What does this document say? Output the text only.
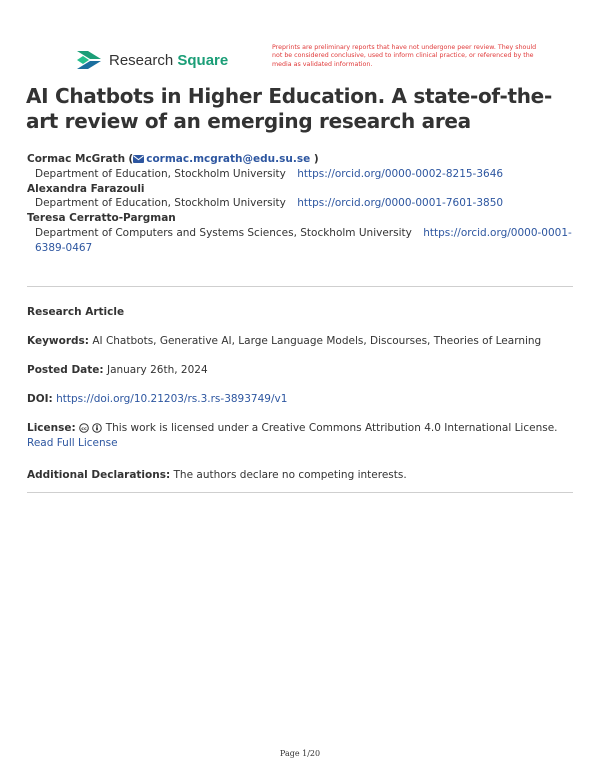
Research Square

Preprints are preliminary reports that have not undergone peer review. They should not be considered conclusive, used to inform clinical practice, or referenced by the media as validated information.

AI Chatbots in Higher Education. A state-of-the-art review of an emerging research area
Cormac McGrath ( cormac.mcgrath@edu.su.se )
Department of Education, Stockholm University https://orcid.org/0000-0002-8215-3646
Alexandra Farazouli
Department of Education, Stockholm University https://orcid.org/0000-0001-7601-3850
Teresa Cerratto-Pargman
Department of Computers and Systems Sciences, Stockholm University https://orcid.org/0000-0001-6389-0467
Research Article
Keywords: AI Chatbots, Generative AI, Large Language Models, Discourses, Theories of Learning
Posted Date: January 26th, 2024
DOI: https://doi.org/10.21203/rs.3.rs-3893749/v1
License: cc This work is licensed under a Creative Commons Attribution 4.0 International License.
Read Full License
Additional Declarations: The authors declare no competing interests.
Page 1/20
